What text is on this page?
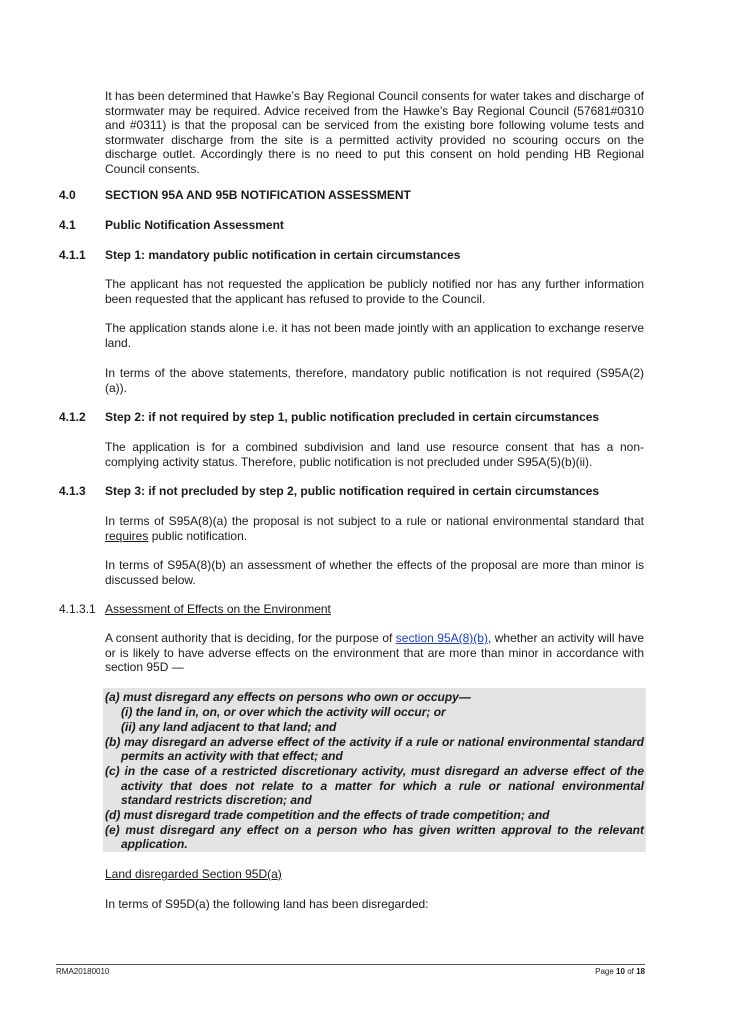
It has been determined that Hawke’s Bay Regional Council consents for water takes and discharge of stormwater may be required. Advice received from the Hawke’s Bay Regional Council (57681#0310 and #0311) is that the proposal can be serviced from the existing bore following volume tests and stormwater discharge from the site is a permitted activity provided no scouring occurs on the discharge outlet. Accordingly there is no need to put this consent on hold pending HB Regional Council consents.

4.0 SECTION 95A AND 95B NOTIFICATION ASSESSMENT
4.1 Public Notification Assessment
4.1.1 Step 1: mandatory public notification in certain circumstances

The applicant has not requested the application be publicly notified nor has any further information been requested that the applicant has refused to provide to the Council.

The application stands alone i.e. it has not been made jointly with an application to exchange reserve land.

In terms of the above statements, therefore, mandatory public notification is not required (S95A(2)(a)).

4.1.2 Step 2: if not required by step 1, public notification precluded in certain circumstances

The application is for a combined subdivision and land use resource consent that has a non-complying activity status. Therefore, public notification is not precluded under S95A(5)(b)(ii).

4.1.3 Step 3: if not precluded by step 2, public notification required in certain circumstances

In terms of S95A(8)(a) the proposal is not subject to a rule or national environmental standard that requires public notification.

In terms of S95A(8)(b) an assessment of whether the effects of the proposal are more than minor is discussed below.

4.1.3.1 Assessment of Effects on the Environment

A consent authority that is deciding, for the purpose of section 95A(8)(b), whether an activity will have or is likely to have adverse effects on the environment that are more than minor in accordance with section 95D —

(a) must disregard any effects on persons who own or occupy—

(i) the land in, on, or over which the activity will occur; or

(ii) any land adjacent to that land; and

(b) may disregard an adverse effect of the activity if a rule or national environmental standard

permits an activity with that effect; and

(c) in the case of a restricted discretionary activity, must disregard an adverse effect of the

activity that does not relate to a matter for which a rule or national environmental

standard restricts discretion; and

(d) must disregard trade competition and the effects of trade competition; and

(e) must disregard any effect on a person who has given written approval to the relevant

application.

Land disregarded Section 95D(a)

In terms of S95D(a) the following land has been disregarded:

RMA20180010	Page 10 of 18
